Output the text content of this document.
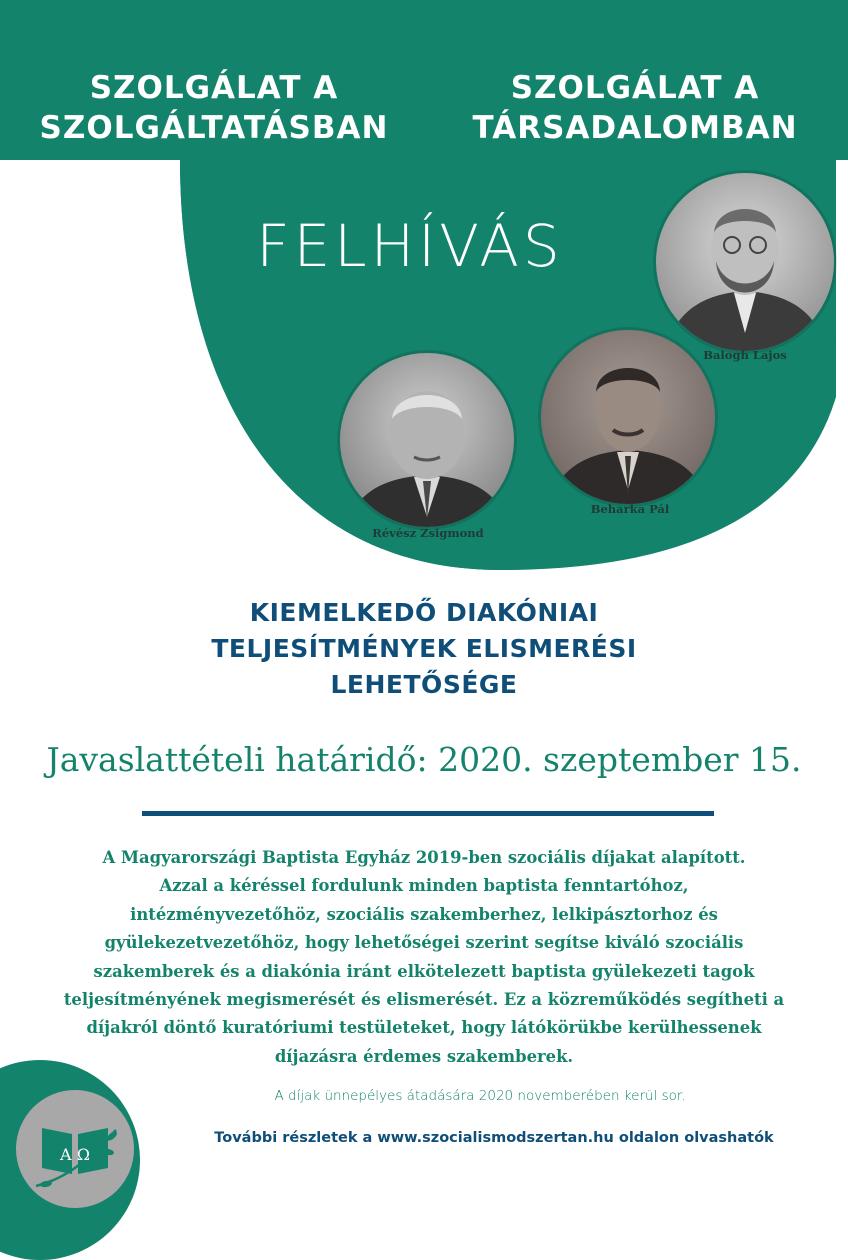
SZOLGÁLAT A
SZOLGÁLTATÁSBAN
SZOLGÁLAT A
TÁRSADALOMBAN
FELHÍVÁS
Balogh Lajos
Beharka Pál
Révész Zsigmond
KIEMELKEDŐ DIAKÓNIAI
TELJESÍTMÉNYEK ELISMERÉSI
LEHETŐSÉGE

Javaslattételi határidő: 2020. szeptember 15.

A Magyarországi Baptista Egyház 2019-ben szociális díjakat alapított.
Azzal a kéréssel fordulunk minden baptista fenntartóhoz,
intézményvezetőhöz, szociális szakemberhez, lelkipásztorhoz és
gyülekezetvezetőhöz, hogy lehetőségei szerint segítse kiváló szociális
szakemberek és a diakónia iránt elkötelezett baptista gyülekezeti tagok
teljesítményének megismerését és elismerését. Ez a közreműködés segítheti a
díjakról döntő kuratóriumi testületeket, hogy látókörükbe kerülhessenek
díjazásra érdemes szakemberek.

A díjak ünnepélyes átadására 2020 novemberében kerül sor.

A Ω

További részletek a www.szocialismodszertan.hu oldalon olvashatók
